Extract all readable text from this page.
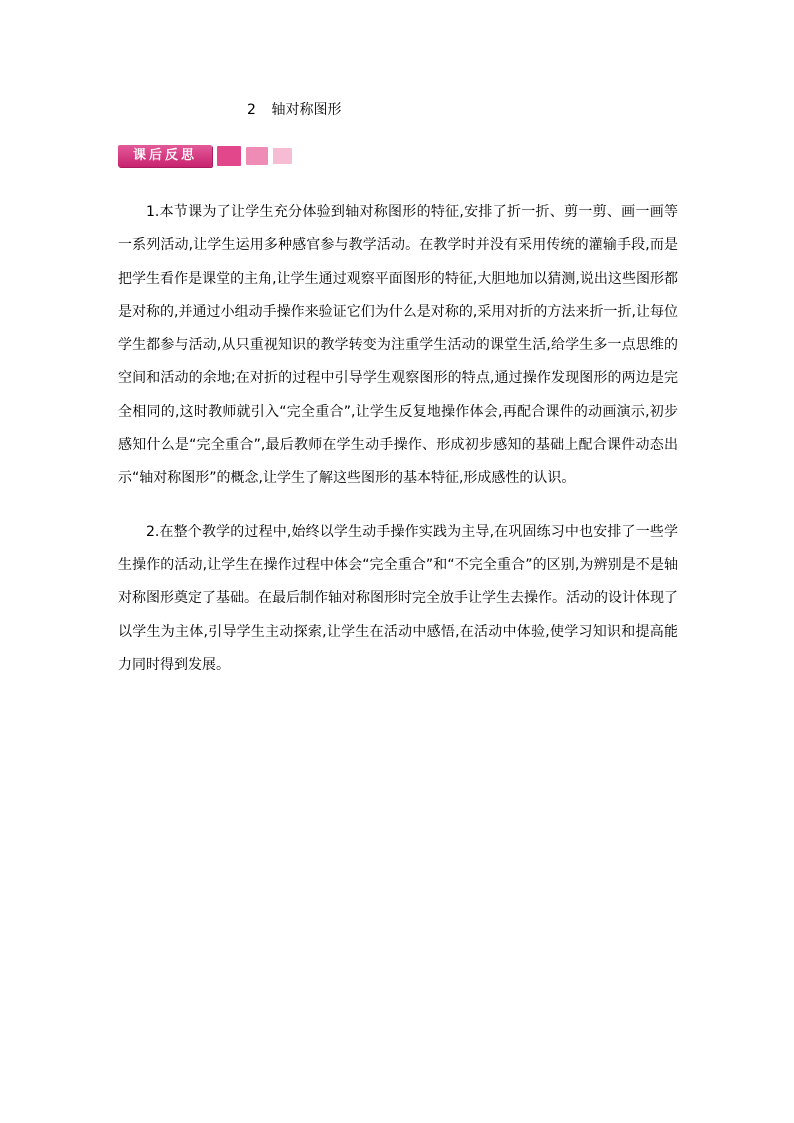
2 轴对称图形
课后反思

1.本节课为了让学生充分体验到轴对称图形的特征,安排了折一折、剪一剪、画一画等一系列活动,让学生运用多种感官参与教学活动。在教学时并没有采用传统的灌输手段,而是把学生看作是课堂的主角,让学生通过观察平面图形的特征,大胆地加以猜测,说出这些图形都是对称的,并通过小组动手操作来验证它们为什么是对称的,采用对折的方法来折一折,让每位学生都参与活动,从只重视知识的教学转变为注重学生活动的课堂生活,给学生多一点思维的空间和活动的余地;在对折的过程中引导学生观察图形的特点,通过操作发现图形的两边是完全相同的,这时教师就引入“完全重合”,让学生反复地操作体会,再配合课件的动画演示,初步感知什么是“完全重合”,最后教师在学生动手操作、形成初步感知的基础上配合课件动态出示“轴对称图形”的概念,让学生了解这些图形的基本特征,形成感性的认识。

2.在整个教学的过程中,始终以学生动手操作实践为主导,在巩固练习中也安排了一些学生操作的活动,让学生在操作过程中体会“完全重合”和“不完全重合”的区别,为辨别是不是轴对称图形奠定了基础。在最后制作轴对称图形时完全放手让学生去操作。活动的设计体现了以学生为主体,引导学生主动探索,让学生在活动中感悟,在活动中体验,使学习知识和提高能力同时得到发展。
